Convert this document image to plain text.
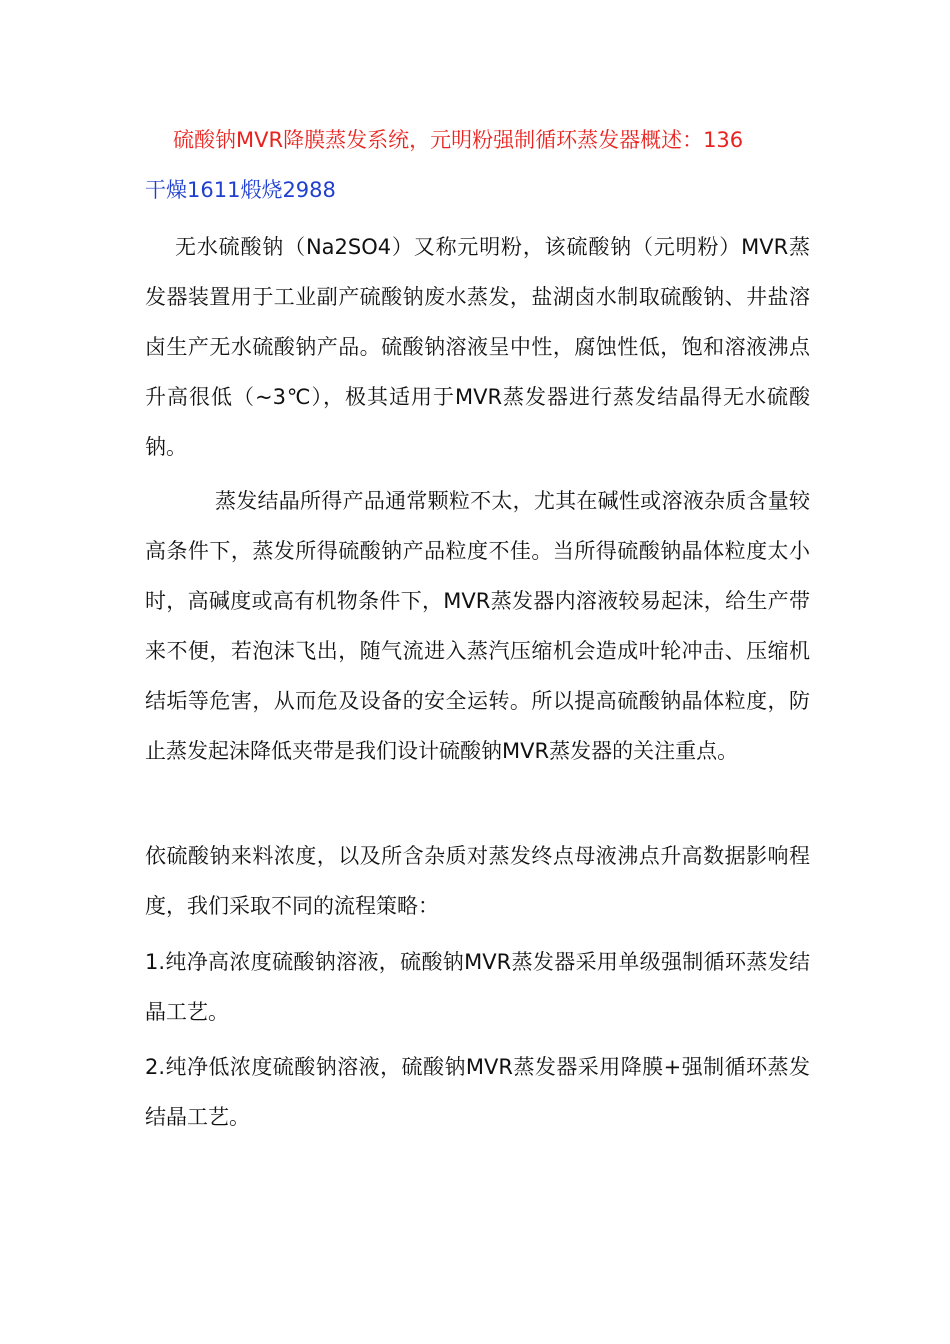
硫酸钠MVR降膜蒸发系统，元明粉强制循环蒸发器概述：136
干燥1611煅烧2988

无水硫酸钠（Na2SO4）又称元明粉，该硫酸钠（元明粉）MVR蒸发器装置用于工业副产硫酸钠废水蒸发，盐湖卤水制取硫酸钠、井盐溶卤生产无水硫酸钠产品。硫酸钠溶液呈中性，腐蚀性低，饱和溶液沸点升高很低（~3℃），极其适用于MVR蒸发器进行蒸发结晶得无水硫酸钠。

蒸发结晶所得产品通常颗粒不太，尤其在碱性或溶液杂质含量较高条件下，蒸发所得硫酸钠产品粒度不佳。当所得硫酸钠晶体粒度太小时，高碱度或高有机物条件下，MVR蒸发器内溶液较易起沫，给生产带来不便，若泡沫飞出，随气流进入蒸汽压缩机会造成叶轮冲击、压缩机结垢等危害，从而危及设备的安全运转。所以提高硫酸钠晶体粒度，防止蒸发起沫降低夹带是我们设计硫酸钠MVR蒸发器的关注重点。

依硫酸钠来料浓度，以及所含杂质对蒸发终点母液沸点升高数据影响程度，我们采取不同的流程策略：

1.纯净高浓度硫酸钠溶液，硫酸钠MVR蒸发器采用单级强制循环蒸发结晶工艺。

2.纯净低浓度硫酸钠溶液，硫酸钠MVR蒸发器采用降膜+强制循环蒸发结晶工艺。
